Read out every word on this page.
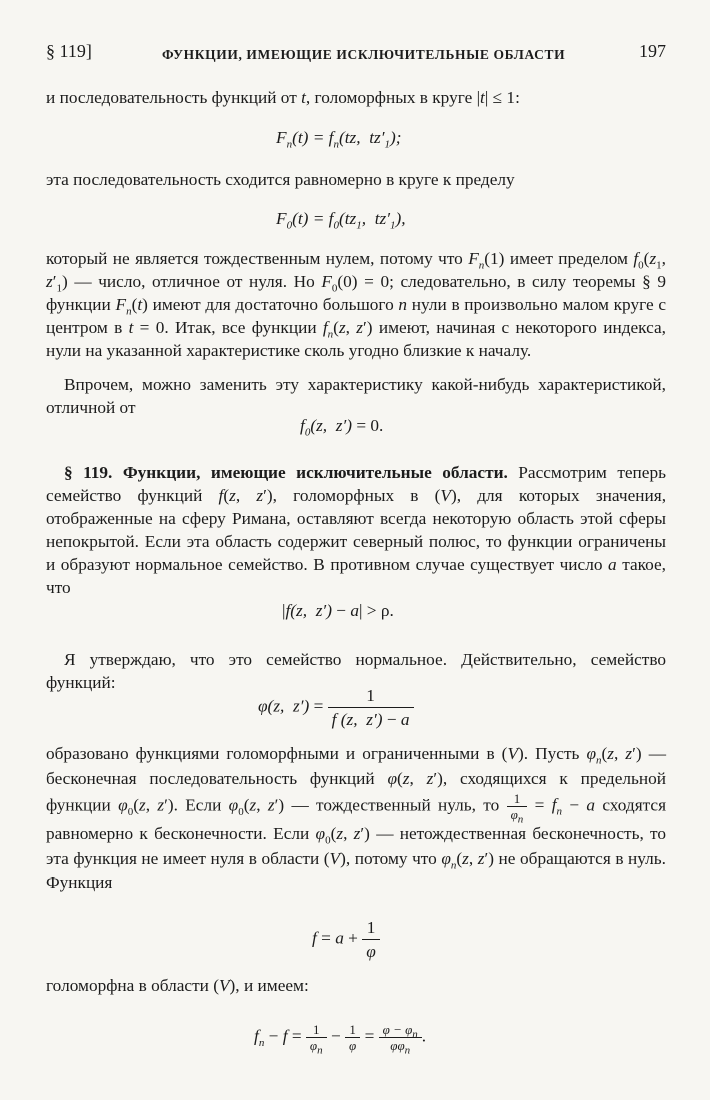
§ 119]	ФУНКЦИИ, ИМЕЮЩИЕ ИСКЛЮЧИТЕЛЬНЫЕ ОБЛАСТИ	197

и последовательность функций от t, голоморфных в круге |t| ≤ 1:

$F_n(t) = f_n(tz$,  $tz'_1$);

эта последовательность сходится равномерно в круге к пределу

$F_0(t) = f_0(tz_1$,  $tz'_1$),

который не является тождественным нулем, потому что $F_n(1)$ имеет пределом $f_0(z_1$, $z'_1$) — число, отличное от нуля. Но $F_0(0) = 0$; следовательно, в силу теоремы § 9 функции $F_n(t)$ имеют для достаточно большого n нули в произвольно малом круге с центром в t = 0. Итак, все функции $f_n(z$, z′) имеют, начиная с некоторого индекса, нули на указанной характеристике сколь угодно близкие к началу.

Впрочем, можно заменить эту характеристику какой-нибудь характеристикой, отличной от

$f_0(z$,  z′) = 0.

§ 119. Функции, имеющие исключительные области. Рассмотрим теперь семейство функций f(z, z′), голоморфных в (V), для которых значения, отображенные на сферу Римана, оставляют всегда некоторую область этой сферы непокрытой. Если эта область содержит северный полюс, то функции ограничены и образуют нормальное семейство. В противном случае существует число a такое, что

|f(z,  z′) − a| > ρ.

Я утверждаю, что это семейство нормальное. Действительно, семейство функций:

φ(z,  $z') = \frac{1}{f (z, z') - a}$

образовано функциями голоморфными и ограниченными в (V). Пусть $\varphi_n(z$, z′) — бесконечная последовательность функций φ(z, z′), сходящихся к предельной функции $\varphi_0(z$, z′). Если $\varphi_0(z$, z′) — тождественный нуль, то $\frac{1}{\varphi_n} = f_n - a$ сходятся равномерно к бесконечности. Если $\varphi_0(z$, z′) — нетождественная бесконечность, то эта функция не имеет нуля в области (V), потому что $\varphi_n(z$, z′) не обращаются в нуль. Функция

$f = a + \frac{1}{\varphi}$

голоморфна в области (V), и имеем:

$f_n - f = \frac{1}{\varphi_n} - \frac{1}{\varphi} = \frac{\varphi - \varphi_n}{\varphi\varphi_n}$ .
